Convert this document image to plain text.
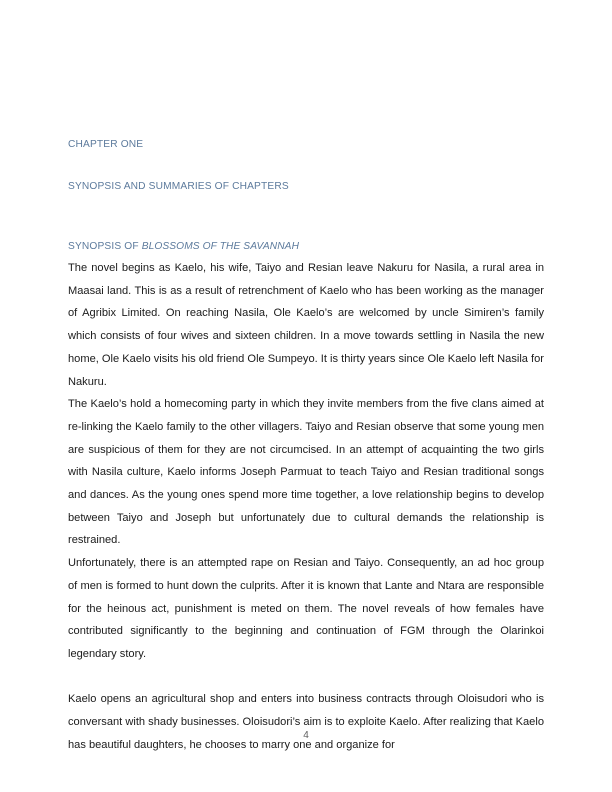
CHAPTER ONE

SYNOPSIS AND SUMMARIES OF CHAPTERS

SYNOPSIS OF BLOSSOMS OF THE SAVANNAH

The novel begins as Kaelo, his wife, Taiyo and Resian leave Nakuru for Nasila, a rural area in Maasai land. This is as a result of retrenchment of Kaelo who has been working as the manager of Agribix Limited. On reaching Nasila, Ole Kaelo’s are welcomed by uncle Simiren’s family which consists of four wives and sixteen children. In a move towards settling in Nasila the new home, Ole Kaelo visits his old friend Ole Sumpeyo. It is thirty years since Ole Kaelo left Nasila for Nakuru.

The Kaelo’s hold a homecoming party in which they invite members from the five clans aimed at re-linking the Kaelo family to the other villagers. Taiyo and Resian observe that some young men are suspicious of them for they are not circumcised. In an attempt of acquainting the two girls with Nasila culture, Kaelo informs Joseph Parmuat to teach Taiyo and Resian traditional songs and dances. As the young ones spend more time together, a love relationship begins to develop between Taiyo and Joseph but unfortunately due to cultural demands the relationship is restrained.

Unfortunately, there is an attempted rape on Resian and Taiyo. Consequently, an ad hoc group of men is formed to hunt down the culprits. After it is known that Lante and Ntara are responsible for the heinous act, punishment is meted on them. The novel reveals of how females have contributed significantly to the beginning and continuation of FGM through the Olarinkoi legendary story.

Kaelo opens an agricultural shop and enters into business contracts through Oloisudori who is conversant with shady businesses. Oloisudori’s aim is to exploite Kaelo. After realizing that Kaelo has beautiful daughters, he chooses to marry one and organize for

4
